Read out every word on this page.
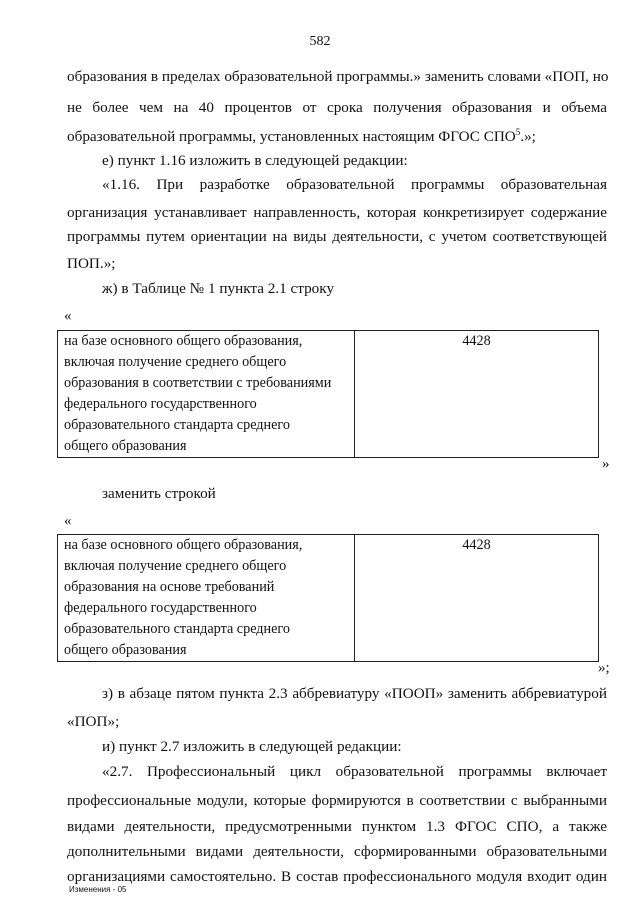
582
образования в пределах образовательной программы.» заменить словами «ПОП, но
не более чем на 40 процентов от срока получения образования и объема
образовательной программы, установленных настоящим ФГОС СПО$^5$.»;
е) пункт 1.16 изложить в следующей редакции:
«1.16. При разработке образовательной программы образовательная
организация устанавливает направленность, которая конкретизирует содержание
программы путем ориентации на виды деятельности, с учетом соответствующей
ПОП.»;
ж) в Таблице № 1 пункта 2.1 строку
«
на базе основного общего образования,
включая получение среднего общего
образования в соответствии с требованиями
федерального государственного
образовательного стандарта среднего
общего образования
	4428
»
заменить строкой
«
на базе основного общего образования,
включая получение среднего общего
образования на основе требований
федерального государственного
образовательного стандарта среднего
общего образования
	4428
»;
з) в абзаце пятом пункта 2.3 аббревиатуру «ПООП» заменить аббревиатурой
«ПОП»;
и) пункт 2.7 изложить в следующей редакции:
«2.7. Профессиональный цикл образовательной программы включает
профессиональные модули, которые формируются в соответствии с выбранными
видами деятельности, предусмотренными пунктом 1.3 ФГОС СПО, а также
дополнительными видами деятельности, сформированными образовательными
организациями самостоятельно. В состав профессионального модуля входит один
Изменения - 05
